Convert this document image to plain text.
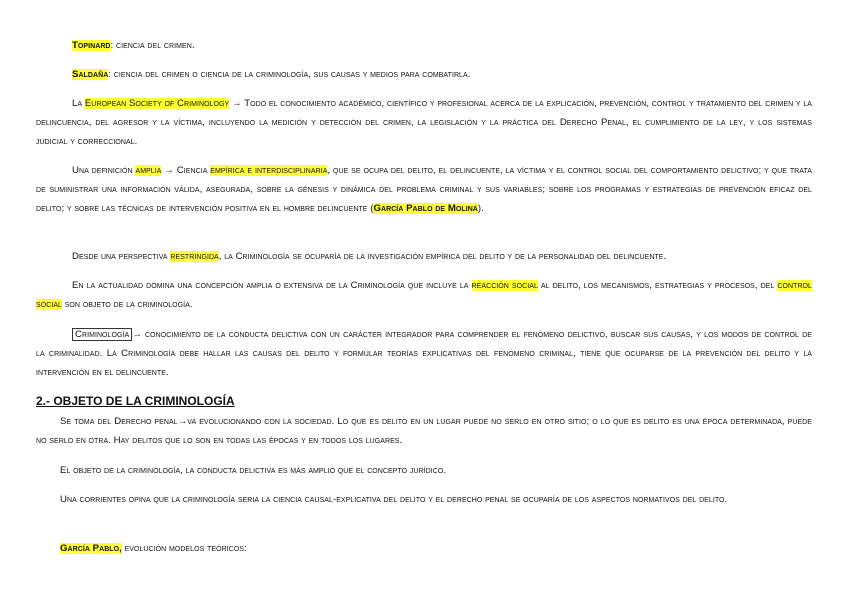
Topinard: ciencia del crimen.

Saldaña: ciencia del crimen o ciencia de la criminología, sus causas y medios para combatirla.

La European Society of Criminology → Todo el conocimiento académico, científico y profesional acerca de la explicación, prevención, control y tratamiento del crimen y la delincuencia, del agresor y la víctima, incluyendo la medición y detección del crimen, la legislación y la práctica del Derecho Penal, el cumplimiento de la ley, y los sistemas judicial y correccional.

Una definición amplia → Ciencia empírica e interdisciplinaria, que se ocupa del delito, el delincuente, la víctima y el control social del comportamiento delictivo; y que trata de suministrar una información válida, asegurada, sobre la génesis y dinámica del problema criminal y sus variables; sobre los programas y estrategias de prevención eficaz del delito; y sobre las técnicas de intervención positiva en el hombre delincuente (García Pablo de Molina).

Desde una perspectiva restringida, la Criminología se ocuparía de la investigación empírica del delito y de la personalidad del delincuente.

En la actualidad domina una concepción amplia o extensiva de la Criminología que incluye la reacción social al delito, los mecanismos, estrategias y procesos, del control social son objeto de la criminología.

Criminología → conocimiento de la conducta delictiva con un carácter integrador para comprender el fenómeno delictivo, buscar sus causas, y los modos de control de la criminalidad. La Criminología debe hallar las causas del delito y formular teorías explicativas del fenómeno criminal, tiene que ocuparse de la prevención del delito y la intervención en el delincuente.

2.- OBJETO DE LA CRIMINOLOGÍA

Se toma del Derecho penal→va evolucionando con la sociedad. Lo que es delito en un lugar puede no serlo en otro sitio; o lo que es delito es una época determinada, puede no serlo en otra. Hay delitos que lo son en todas las épocas y en todos los lugares.

El objeto de la criminología, la conducta delictiva es más amplio que el concepto jurídico.

Una corrientes opina que la criminología seria la ciencia causal-explicativa del delito y el derecho penal se ocuparía de los aspectos normativos del delito.

García Pablo, evolución modelos teóricos:
